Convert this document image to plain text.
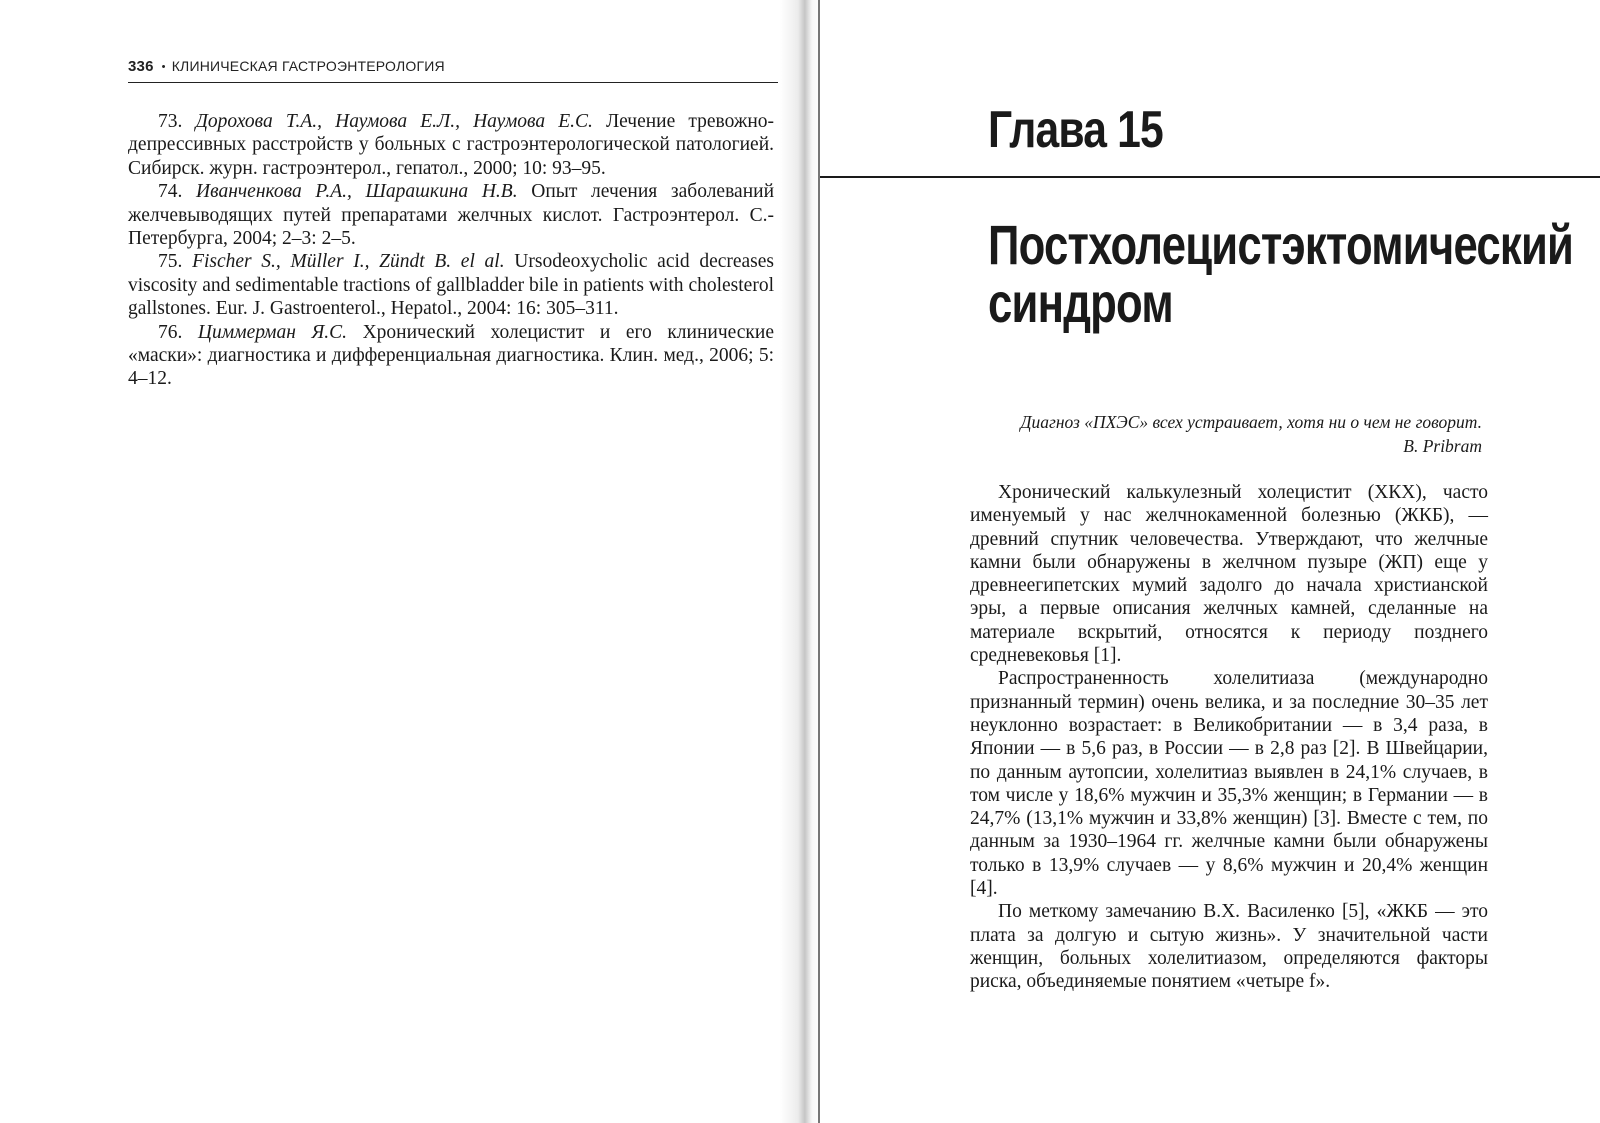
336 • КЛИНИЧЕСКАЯ ГАСТРОЭНТЕРОЛОГИЯ

73. Дорохова Т.А., Наумова Е.Л., Наумова Е.С. Лечение тревожно-депрессивных расстройств у больных с гастроэнтерологической патологией. Сибирск. журн. гастроэнтерол., гепатол., 2000; 10: 93–95.

74. Иванченкова Р.А., Шарашкина Н.В. Опыт лечения заболеваний желчевыводящих путей препаратами желчных кислот. Гастроэнтерол. С.-Петербурга, 2004; 2–3: 2–5.

75. Fischer S., Müller I., Zündt B. el al. Ursodeoxycholic acid decreases viscosity and sedimentable tractions of gallbladder bile in patients with cholesterol gallstones. Eur. J. Gastroenterol., Hepatol., 2004: 16: 305–311.

76. Циммерман Я.С. Хронический холецистит и его клинические «маски»: диагностика и дифференциальная диагностика. Клин. мед., 2006; 5: 4–12.

Глава 15
Постхолецистэктомический
синдром
Диагноз «ПХЭС» всех устраивает, хотя ни о чем не говорит.
B. Pribram

Хронический калькулезный холецистит (ХКХ), часто именуемый у нас желчнокаменной болезнью (ЖКБ), — древний спутник человечества. Утверждают, что желчные камни были обнаружены в желчном пузыре (ЖП) еще у древнеегипетских мумий задолго до начала христианской эры, а первые описания желчных камней, сделанные на материале вскрытий, относятся к периоду позднего средневековья [1].

Распространенность холелитиаза (международно признанный термин) очень велика, и за последние 30–35 лет неуклонно возрастает: в Великобритании — в 3,4 раза, в Японии — в 5,6 раз, в России — в 2,8 раз [2]. В Швейцарии, по данным аутопсии, холелитиаз выявлен в 24,1% случаев, в том числе у 18,6% мужчин и 35,3% женщин; в Германии — в 24,7% (13,1% мужчин и 33,8% женщин) [3]. Вместе с тем, по данным за 1930–1964 гг. желчные камни были обнаружены только в 13,9% случаев — у 8,6% мужчин и 20,4% женщин [4].

По меткому замечанию В.Х. Василенко [5], «ЖКБ — это плата за долгую и сытую жизнь». У значительной части женщин, больных холелитиазом, определяются факторы риска, объединяемые понятием «четыре f».
